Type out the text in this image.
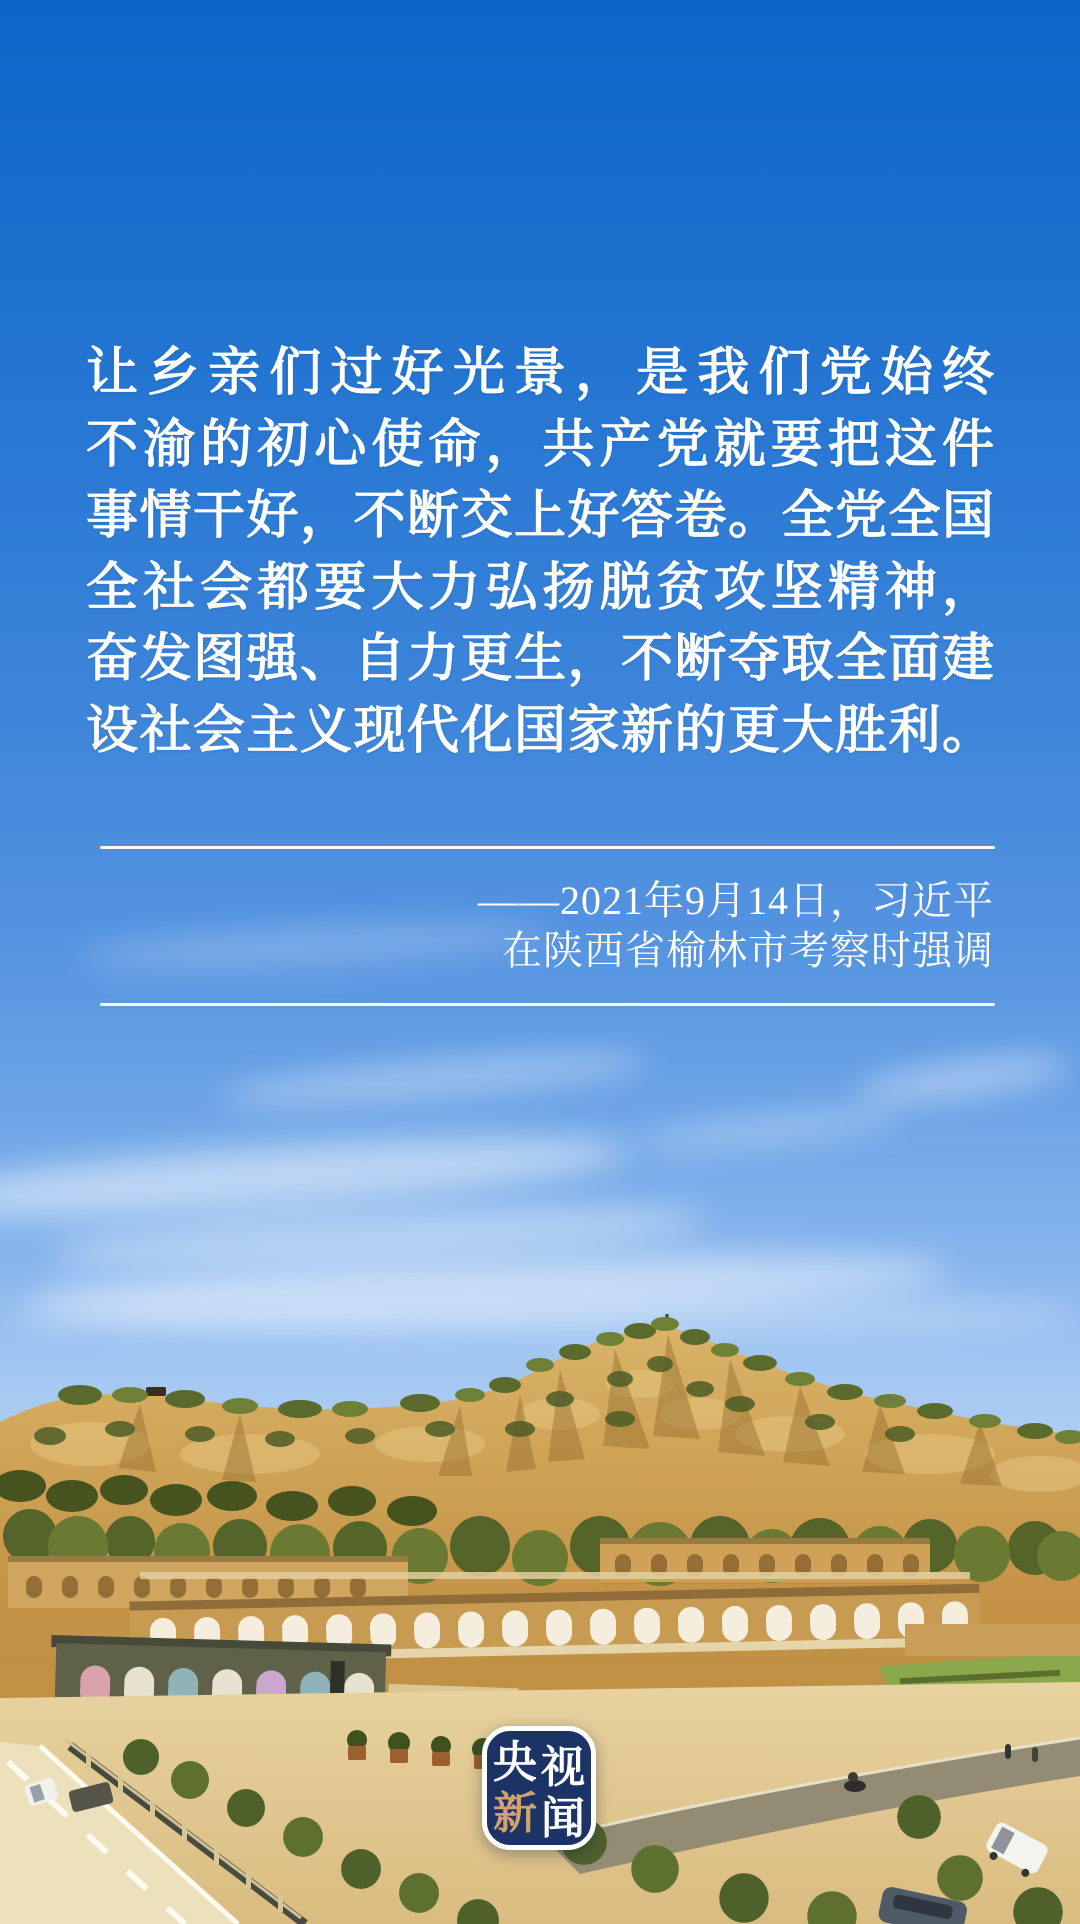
让乡亲们过好光景，是我们党始终
不渝的初心使命，共产党就要把这件
事情干好，不断交上好答卷。全党全国
全社会都要大力弘扬脱贫攻坚精神，
奋发图强、自力更生，不断夺取全面建
设社会主义现代化国家新的更大胜利。
——2021年9月14日，习近平
在陕西省榆林市考察时强调
央 视
新 闻
